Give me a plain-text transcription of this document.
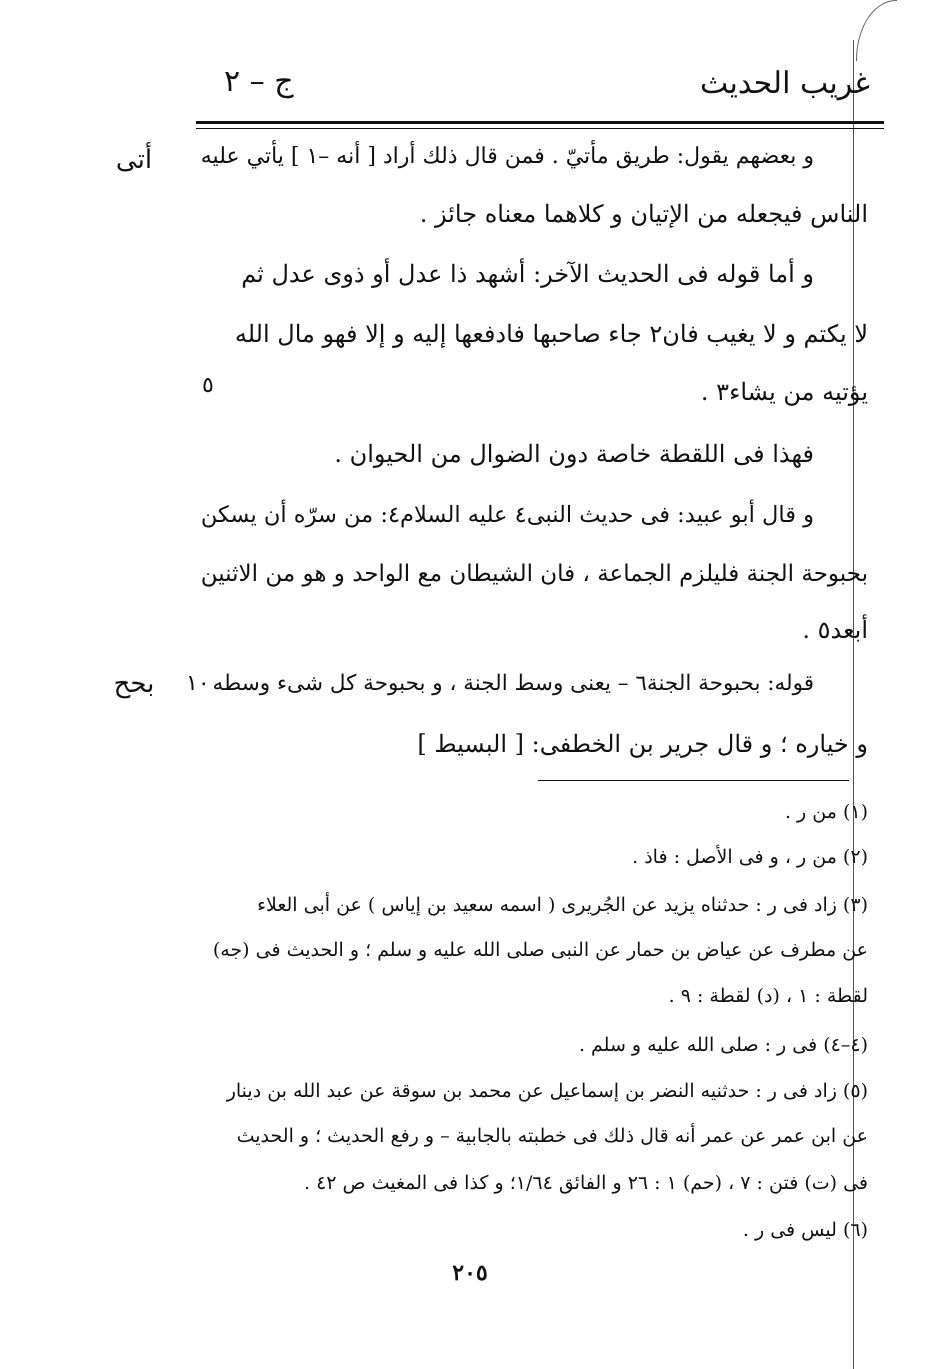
غريب الحديث
ج – ٢
و بعضهم يقول: طريق مأتيّ . فمن قال ذلك أراد [ أنه –١ ] يأتي عليه
الناس فيجعله من الإتيان و كلاهما معناه جائز .
و أما قوله فى الحديث الآخر: أشهد ذا عدل أو ذوى عدل ثم
لا يكتم و لا يغيب فان٢ جاء صاحبها فادفعها إليه و إلا فهو مال الله
يؤتيه من يشاء٣ .
فهذا فى اللقطة خاصة دون الضوال من الحيوان .
و قال أبو عبيد: فى حديث النبى٤ عليه السلام٤: من سرّه أن يسكن
بحبوحة الجنة فليلزم الجماعة ، فان الشيطان مع الواحد و هو من الاثنين
أبعد٥ .
قوله: بحبوحة الجنة٦ – يعنى وسط الجنة ، و بحبوحة كل شىء وسطه
و خياره ؛ و قال جرير بن الخطفى: [ البسيط ]
أتى
بحح
٥
١٠
(١) من ر .
(٢) من ر ، و فى الأصل : فاذ .
(٣) زاد فى ر : حدثناه يزيد عن الجُريرى ( اسمه سعيد بن إياس ) عن أبى العلاء
عن مطرف عن عياض بن حمار عن النبى صلى الله عليه و سلم ؛ و الحديث فى (جه)
لقطة : ١ ، (د) لقطة : ٩ .
(٤–٤) فى ر : صلى الله عليه و سلم .
(٥) زاد فى ر : حدثنيه النضر بن إسماعيل عن محمد بن سوقة عن عبد الله بن دينار
عن ابن عمر عن عمر أنه قال ذلك فى خطبته بالجابية – و رفع الحديث ؛ و الحديث
فى (ت) فتن : ٧ ، (حم) ١ : ٢٦ و الفائق ١/٦٤؛ و كذا فى المغيث ص ٤٢ .
(٦) ليس فى ر .
٢٠٥
